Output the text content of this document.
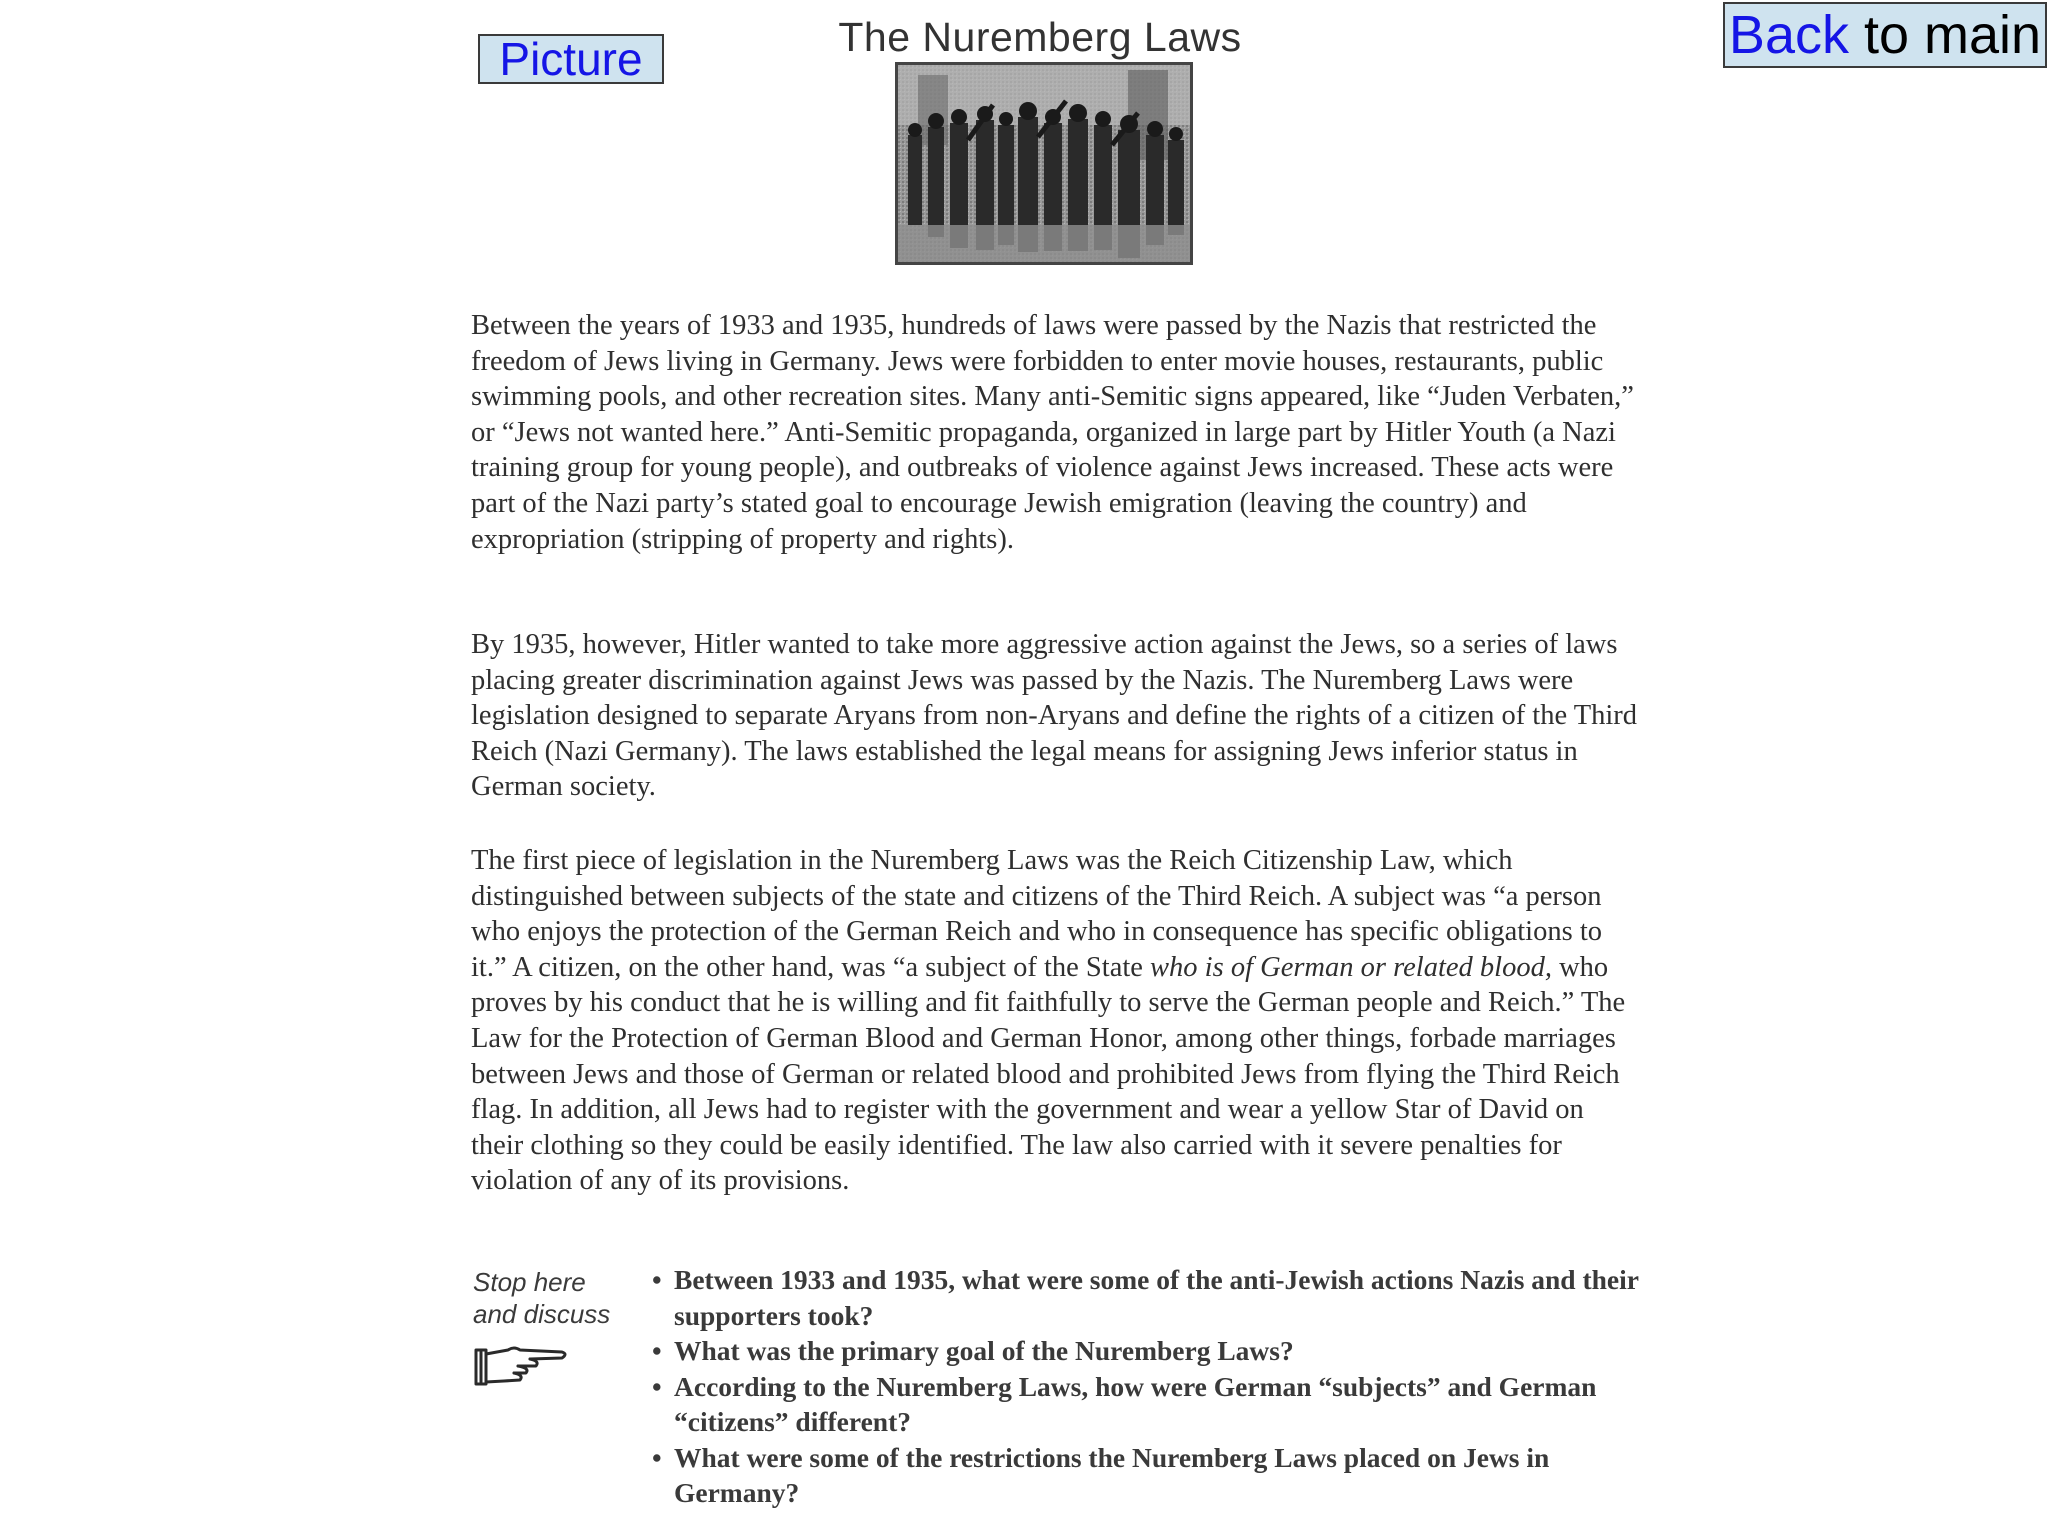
Picture	The Nuremberg Laws	Back to main

Between the years of 1933 and 1935, hundreds of laws were passed by the Nazis that restricted the freedom of Jews living in Germany. Jews were forbidden to enter movie houses, restaurants, public swimming pools, and other recreation sites. Many anti-Semitic signs appeared, like “Juden Verbaten,” or “Jews not wanted here.” Anti-Semitic propaganda, organized in large part by Hitler Youth (a Nazi training group for young people), and outbreaks of violence against Jews increased. These acts were part of the Nazi party’s stated goal to encourage Jewish emigration (leaving the country) and expropriation (stripping of property and rights).

By 1935, however, Hitler wanted to take more aggressive action against the Jews, so a series of laws placing greater discrimination against Jews was passed by the Nazis. The Nuremberg Laws were legislation designed to separate Aryans from non-Aryans and define the rights of a citizen of the Third Reich (Nazi Germany). The laws established the legal means for assigning Jews inferior status in German society.

The first piece of legislation in the Nuremberg Laws was the Reich Citizenship Law, which distinguished between subjects of the state and citizens of the Third Reich. A subject was “a person who enjoys the protection of the German Reich and who in consequence has specific obligations to it.” A citizen, on the other hand, was “a subject of the State who is of German or related blood, who proves by his conduct that he is willing and fit faithfully to serve the German people and Reich.” The Law for the Protection of German Blood and German Honor, among other things, forbade marriages between Jews and those of German or related blood and prohibited Jews from flying the Third Reich flag. In addition, all Jews had to register with the government and wear a yellow Star of David on their clothing so they could be easily identified. The law also carried with it severe penalties for violation of any of its provisions.

Stop here
and discuss
• Between 1933 and 1935, what were some of the anti-Jewish actions Nazis and their supporters took?
• What was the primary goal of the Nuremberg Laws?
• According to the Nuremberg Laws, how were German “subjects” and German “citizens” different?
• What were some of the restrictions the Nuremberg Laws placed on Jews in Germany?
